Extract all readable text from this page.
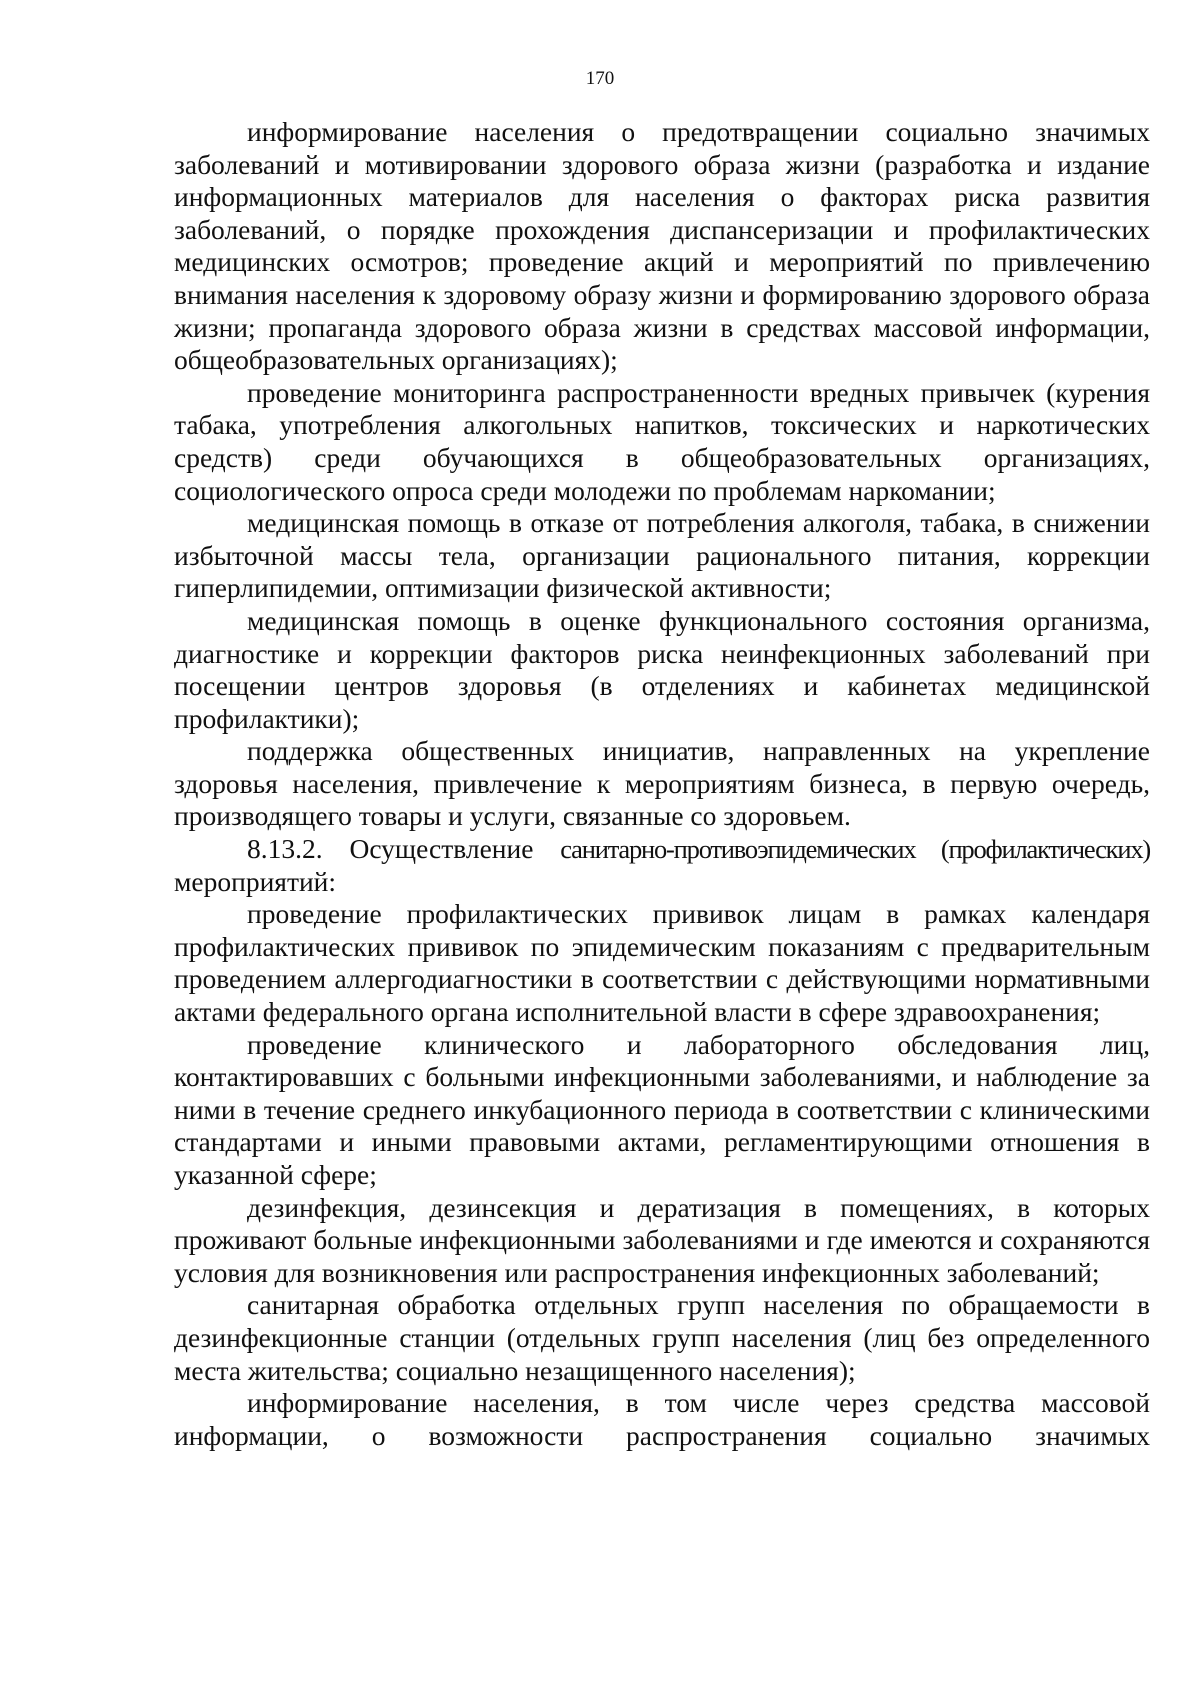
170

информирование населения о предотвращении социально значимых заболеваний и мотивировании здорового образа жизни (разработка и издание информационных материалов для населения о факторах риска развития заболеваний, о порядке прохождения диспансеризации и профилактических медицинских осмотров; проведение акций и мероприятий по привлечению внимания населения к здоровому образу жизни и формированию здорового образа жизни; пропаганда здорового образа жизни в средствах массовой информации, общеобразовательных организациях);

проведение мониторинга распространенности вредных привычек (курения табака, употребления алкогольных напитков, токсических и наркотических средств) среди обучающихся в общеобразовательных организациях, социологического опроса среди молодежи по проблемам наркомании;

медицинская помощь в отказе от потребления алкоголя, табака, в снижении избыточной массы тела, организации рационального питания, коррекции гиперлипидемии, оптимизации физической активности;

медицинская помощь в оценке функционального состояния организма, диагностике и коррекции факторов риска неинфекционных заболеваний при посещении центров здоровья (в отделениях и кабинетах медицинской профилактики);

поддержка общественных инициатив, направленных на укрепление здоровья населения, привлечение к мероприятиям бизнеса, в первую очередь, производящего товары и услуги, связанные со здоровьем.

8.13.2. Осуществление санитарно-противоэпидемических (профилактических)

мероприятий:

проведение профилактических прививок лицам в рамках календаря профилактических прививок по эпидемическим показаниям с предварительным проведением аллергодиагностики в соответствии с действующими нормативными актами федерального органа исполнительной власти в сфере здравоохранения;

проведение клинического и лабораторного обследования лиц, контактировавших с больными инфекционными заболеваниями, и наблюдение за ними в течение среднего инкубационного периода в соответствии с клиническими стандартами и иными правовыми актами, регламентирующими отношения в указанной сфере;

дезинфекция, дезинсекция и дератизация в помещениях, в которых проживают больные инфекционными заболеваниями и где имеются и сохраняются условия для возникновения или распространения инфекционных заболеваний;

санитарная обработка отдельных групп населения по обращаемости в дезинфекционные станции (отдельных групп населения (лиц без определенного места жительства; социально незащищенного населения);

информирование населения, в том числе через средства массовой информации, о возможности распространения социально значимых
